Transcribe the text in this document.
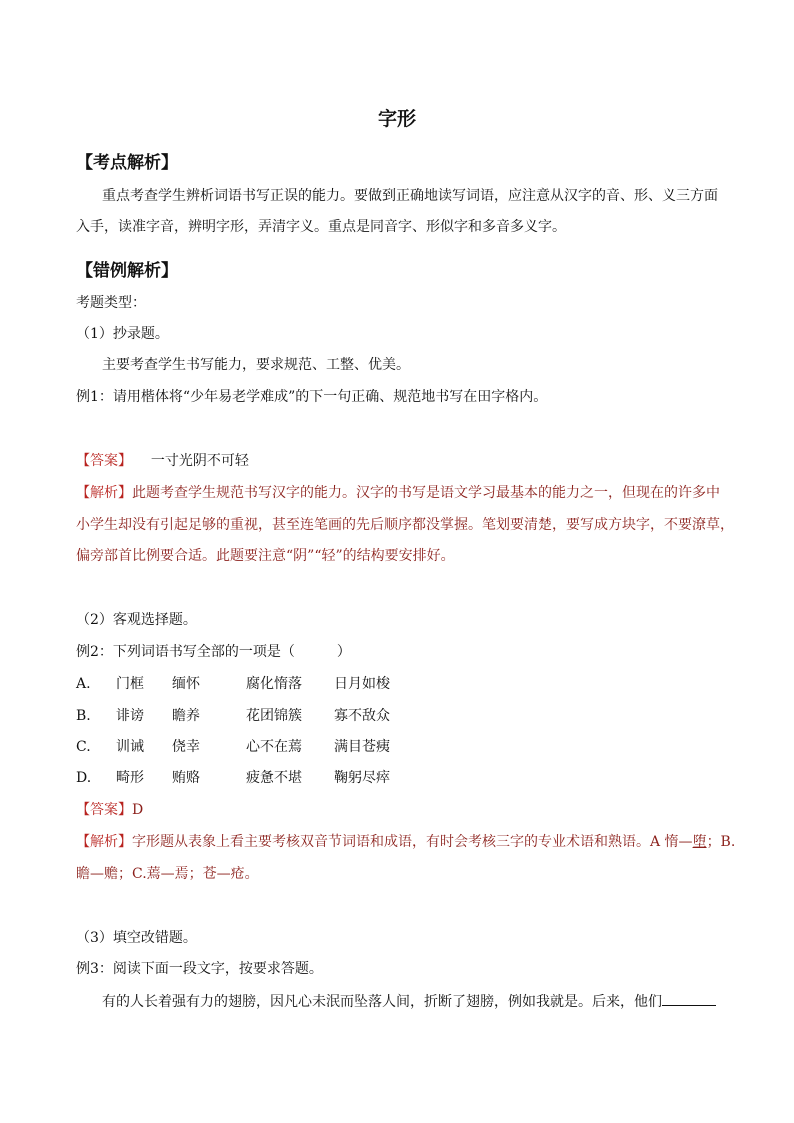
字形
【考点解析】
重点考查学生辨析词语书写正误的能力。要做到正确地读写词语，应注意从汉字的音、形、义三方面
入手，读准字音，辨明字形，弄清字义。重点是同音字、形似字和多音多义字。
【错例解析】
考题类型：
（1）抄录题。
主要考查学生书写能力，要求规范、工整、优美。
例1：请用楷体将“少年易老学难成”的下一句正确、规范地书写在田字格内。
【答案】 一寸光阴不可轻
【解析】此题考查学生规范书写汉字的能力。汉字的书写是语文学习最基本的能力之一，但现在的许多中
小学生却没有引起足够的重视，甚至连笔画的先后顺序都没掌握。笔划要清楚，要写成方块字，不要潦草，
偏旁部首比例要合适。此题要注意“阴”“轻”的结构要安排好。
（2）客观选择题。
例2：下列词语书写全部的一项是（　　　）
A. 门框 缅怀	腐化惰落 日月如梭
B. 诽谤 瞻养	花团锦簇 寡不敌众
C. 训诫 侥幸	心不在蔫 满目苍痍
D. 畸形 贿赂	疲惫不堪 鞠躬尽瘁
【答案】D
【解析】字形题从表象上看主要考核双音节词语和成语，有时会考核三字的专业术语和熟语。A 惰—堕；B.
瞻—赡；C.蔫—焉；苍—疮。
（3）填空改错题。
例3：阅读下面一段文字，按要求答题。
有的人长着强有力的翅膀，因凡心未泯而坠落人间，折断了翅膀，例如我就是。后来，他们
